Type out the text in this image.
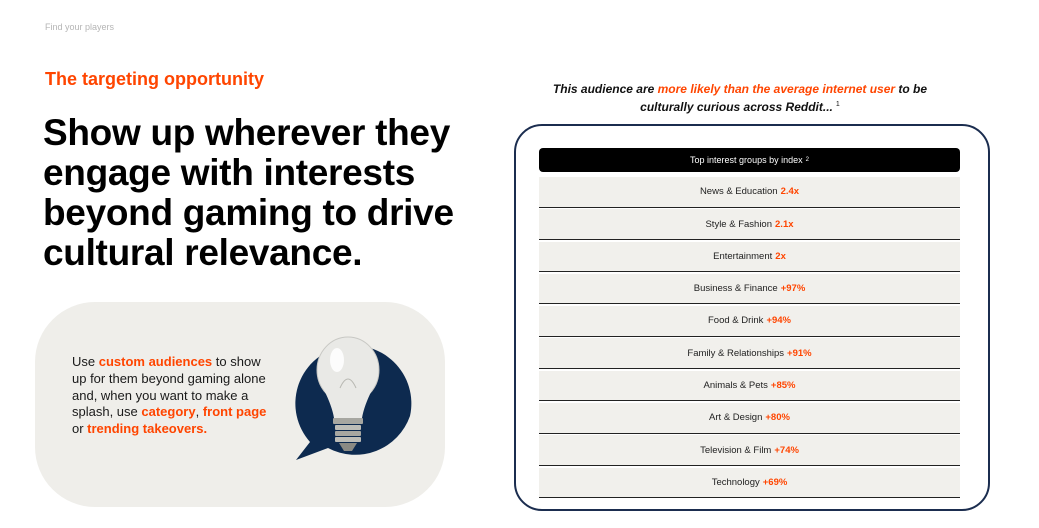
Find your players
The targeting opportunity
Show up wherever they engage with interests beyond gaming to drive cultural relevance.
Use custom audiences to show up for them beyond gaming alone and, when you want to make a splash, use category, front page or trending takeovers.
This audience are more likely than the average internet user to be culturally curious across Reddit... $^1$
Top interest groups by index 2
News & Education 2.4x
Style & Fashion 2.1x
Entertainment 2x
Business & Finance +97%
Food & Drink +94%
Family & Relationships +91%
Animals & Pets +85%
Art & Design +80%
Television & Film +74%
Technology +69%
